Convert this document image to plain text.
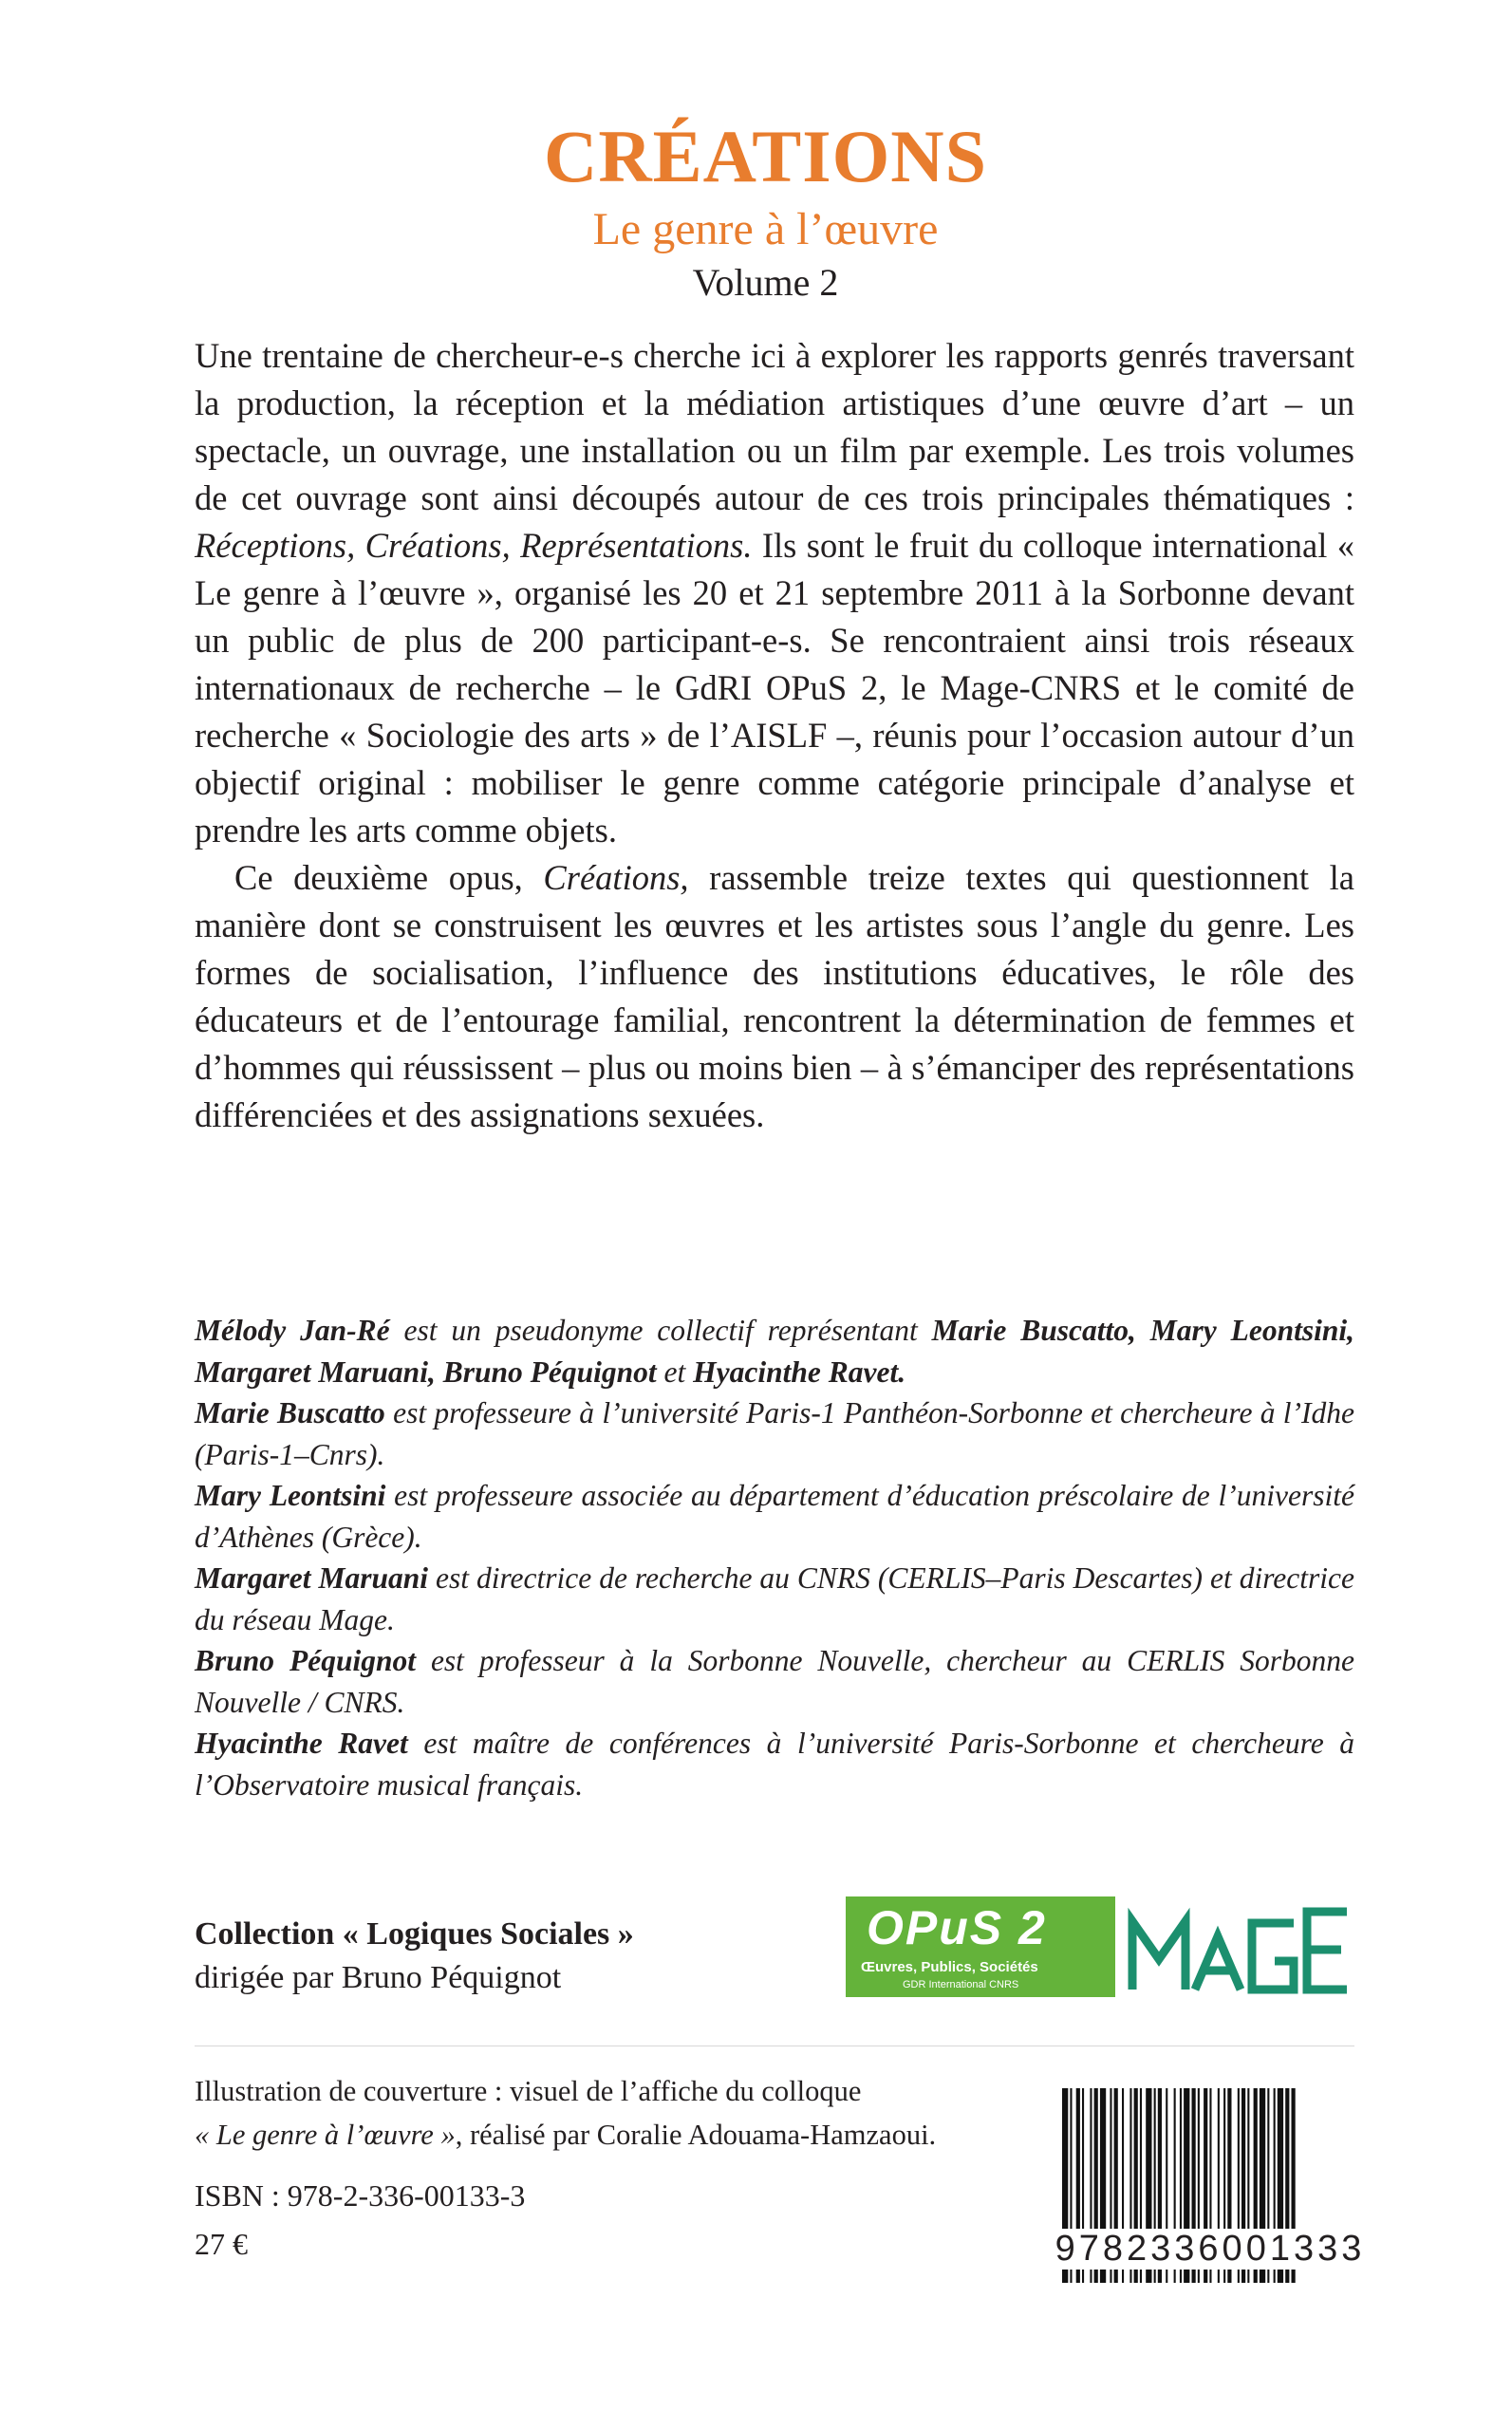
CRÉATIONS
Le genre à l’œuvre
Volume 2

Une trentaine de chercheur-e-s cherche ici à explorer les rapports genrés traversant la production, la réception et la médiation artistiques d’une œuvre d’art – un spectacle, un ouvrage, une installation ou un film par exemple. Les trois volumes de cet ouvrage sont ainsi découpés autour de ces trois principales thématiques : Réceptions, Créations, Représentations. Ils sont le fruit du colloque international « Le genre à l’œuvre », organisé les 20 et 21 septembre 2011 à la Sorbonne devant un public de plus de 200 participant-e-s. Se rencontraient ainsi trois réseaux internationaux de recherche – le GdRI OPuS 2, le Mage-CNRS et le comité de recherche « Sociologie des arts » de l’AISLF –, réunis pour l’occasion autour d’un objectif original : mobiliser le genre comme catégorie principale d’analyse et prendre les arts comme objets.

Ce deuxième opus, Créations, rassemble treize textes qui questionnent la manière dont se construisent les œuvres et les artistes sous l’angle du genre. Les formes de socialisation, l’influence des institutions éducatives, le rôle des éducateurs et de l’entourage familial, rencontrent la détermination de femmes et d’hommes qui réussissent – plus ou moins bien – à s’émanciper des représentations différenciées et des assignations sexuées.

Mélody Jan-Ré est un pseudonyme collectif représentant Marie Buscatto, Mary Leontsini, Margaret Maruani, Bruno Péquignot et Hyacinthe Ravet.

Marie Buscatto est professeure à l’université Paris-1 Panthéon-Sorbonne et chercheure à l’Idhe (Paris-1–Cnrs).

Mary Leontsini est professeure associée au département d’éducation préscolaire de l’université d’Athènes (Grèce).

Margaret Maruani est directrice de recherche au CNRS (CERLIS–Paris Descartes) et directrice du réseau Mage.

Bruno Péquignot est professeur à la Sorbonne Nouvelle, chercheur au CERLIS Sorbonne Nouvelle / CNRS.

Hyacinthe Ravet est maître de conférences à l’université Paris-Sorbonne et chercheure à l’Observatoire musical français.

Collection « Logiques Sociales »
dirigée par Bruno Péquignot
OPuS 2
Œuvres, Publics, Sociétés
GDR International CNRS

Illustration de couverture : visuel de l’affiche du colloque

« Le genre à l’œuvre », réalisé par Coralie Adouama-Hamzaoui.

ISBN : 978-2-336-00133-3
27 €	9782336001333
